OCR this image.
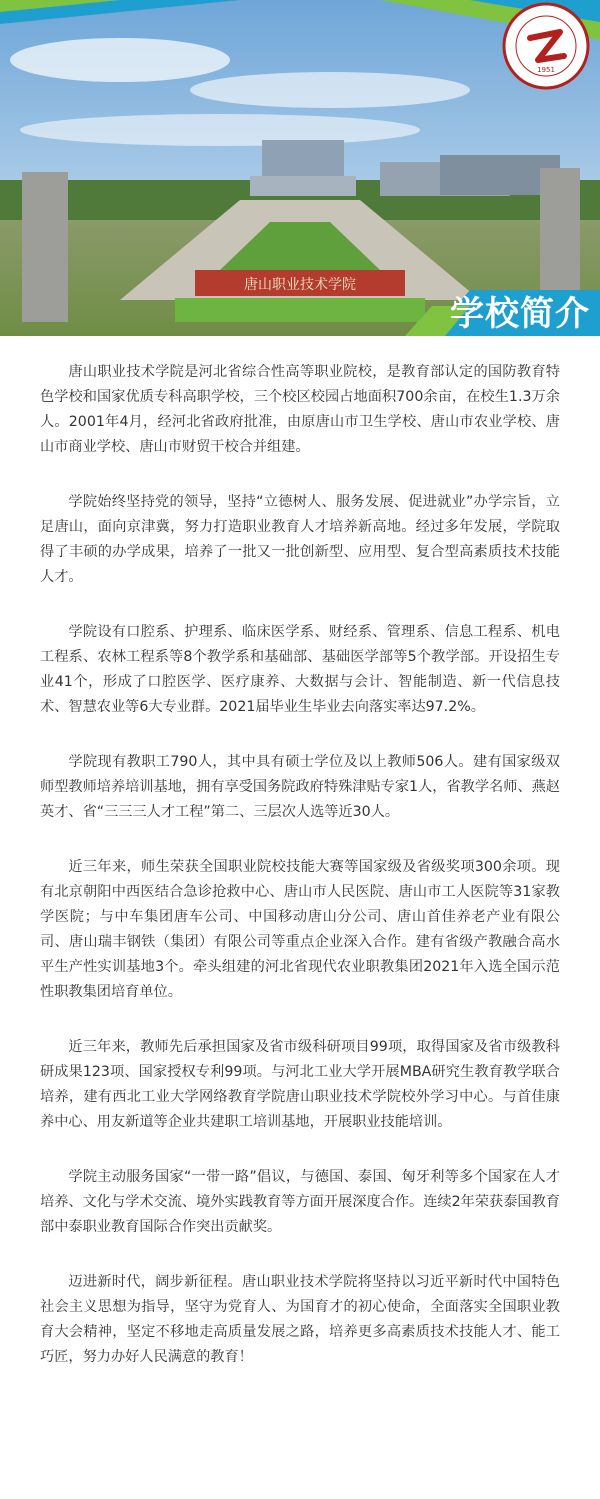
唐山职业技术学院
1951
学校简介

唐山职业技术学院是河北省综合性高等职业院校，是教育部认定的国防教育特色学校和国家优质专科高职学校，三个校区校园占地面积700余亩，在校生1.3万余人。2001年4月，经河北省政府批准，由原唐山市卫生学校、唐山市农业学校、唐山市商业学校、唐山市财贸干校合并组建。

学院始终坚持党的领导，坚持“立德树人、服务发展、促进就业”办学宗旨，立足唐山，面向京津冀，努力打造职业教育人才培养新高地。经过多年发展，学院取得了丰硕的办学成果，培养了一批又一批创新型、应用型、复合型高素质技术技能人才。

学院设有口腔系、护理系、临床医学系、财经系、管理系、信息工程系、机电工程系、农林工程系等8个教学系和基础部、基础医学部等5个教学部。开设招生专业41个，形成了口腔医学、医疗康养、大数据与会计、智能制造、新一代信息技术、智慧农业等6大专业群。2021届毕业生毕业去向落实率达97.2%。

学院现有教职工790人，其中具有硕士学位及以上教师506人。建有国家级双师型教师培养培训基地，拥有享受国务院政府特殊津贴专家1人，省教学名师、燕赵英才、省“三三三人才工程”第二、三层次人选等近30人。

近三年来，师生荣获全国职业院校技能大赛等国家级及省级奖项300余项。现有北京朝阳中西医结合急诊抢救中心、唐山市人民医院、唐山市工人医院等31家教学医院；与中车集团唐车公司、中国移动唐山分公司、唐山首佳养老产业有限公司、唐山瑞丰钢铁（集团）有限公司等重点企业深入合作。建有省级产教融合高水平生产性实训基地3个。牵头组建的河北省现代农业职教集团2021年入选全国示范性职教集团培育单位。

近三年来，教师先后承担国家及省市级科研项目99项，取得国家及省市级教科研成果123项、国家授权专利99项。与河北工业大学开展MBA研究生教育教学联合培养，建有西北工业大学网络教育学院唐山职业技术学院校外学习中心。与首佳康养中心、用友新道等企业共建职工培训基地，开展职业技能培训。

学院主动服务国家“一带一路”倡议，与德国、泰国、匈牙利等多个国家在人才培养、文化与学术交流、境外实践教育等方面开展深度合作。连续2年荣获泰国教育部中泰职业教育国际合作突出贡献奖。

迈进新时代，阔步新征程。唐山职业技术学院将坚持以习近平新时代中国特色社会主义思想为指导，坚守为党育人、为国育才的初心使命，全面落实全国职业教育大会精神，坚定不移地走高质量发展之路，培养更多高素质技术技能人才、能工巧匠，努力办好人民满意的教育！
